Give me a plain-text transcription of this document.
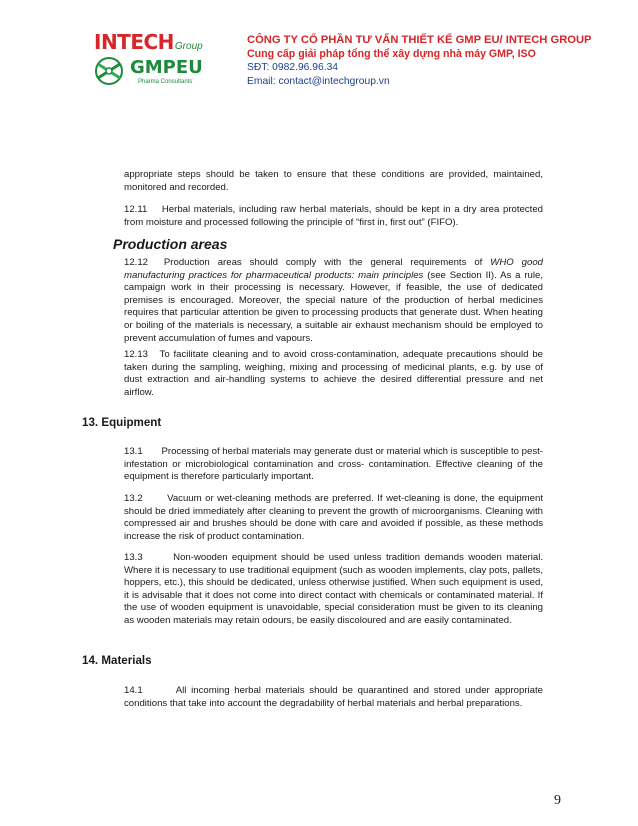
INTECHGroup
GMPEU
Pharma Consultants
CÔNG TY CỔ PHẦN TƯ VẤN THIẾT KẾ GMP EU/ INTECH GROUP
Cung cấp giải pháp tổng thể xây dựng nhà máy GMP, ISO
SĐT: 0982.96.96.34
Email: contact@intechgroup.vn

appropriate steps should be taken to ensure that these conditions are provided, maintained, monitored and recorded.

12.11 Herbal materials, including raw herbal materials, should be kept in a dry area protected from moisture and processed following the principle of “first in, first out” (FIFO).

Production areas

12.12 Production areas should comply with the general requirements of WHO good manufacturing practices for pharmaceutical products: main principles (see Section II). As a rule, campaign work in their processing is necessary. However, if feasible, the use of dedicated premises is encouraged. Moreover, the special nature of the production of herbal medicines requires that particular attention be given to processing products that generate dust. When heating or boiling of the materials is necessary, a suitable air exhaust mechanism should be employed to prevent accumulation of fumes and vapours.

12.13 To facilitate cleaning and to avoid cross-contamination, adequate precautions should be taken during the sampling, weighing, mixing and processing of medicinal plants, e.g. by use of dust extraction and air-handling systems to achieve the desired differential pressure and net airflow.

13. Equipment

13.1 Processing of herbal materials may generate dust or material which is susceptible to pest-infestation or microbiological contamination and cross- contamination. Effective cleaning of the equipment is therefore particularly important.

13.2	Vacuum or wet-cleaning methods are preferred. If wet-cleaning is done, the equipment should be dried immediately after cleaning to prevent the growth of microorganisms. Cleaning with compressed air and brushes should be done with care and avoided if possible, as these methods increase the risk of product contamination.

13.3	Non-wooden equipment should be used unless tradition demands wooden material. Where it is necessary to use traditional equipment (such as wooden implements, clay pots, pallets, hoppers, etc.), this should be dedicated, unless otherwise justified. When such equipment is used, it is advisable that it does not come into direct contact with chemicals or contaminated material. If the use of wooden equipment is unavoidable, special consideration must be given to its cleaning as wooden materials may retain odours, be easily discoloured and are easily contaminated.

14. Materials

14.1	All incoming herbal materials should be quarantined and stored under appropriate conditions that take into account the degradability of herbal materials and herbal preparations.

9
